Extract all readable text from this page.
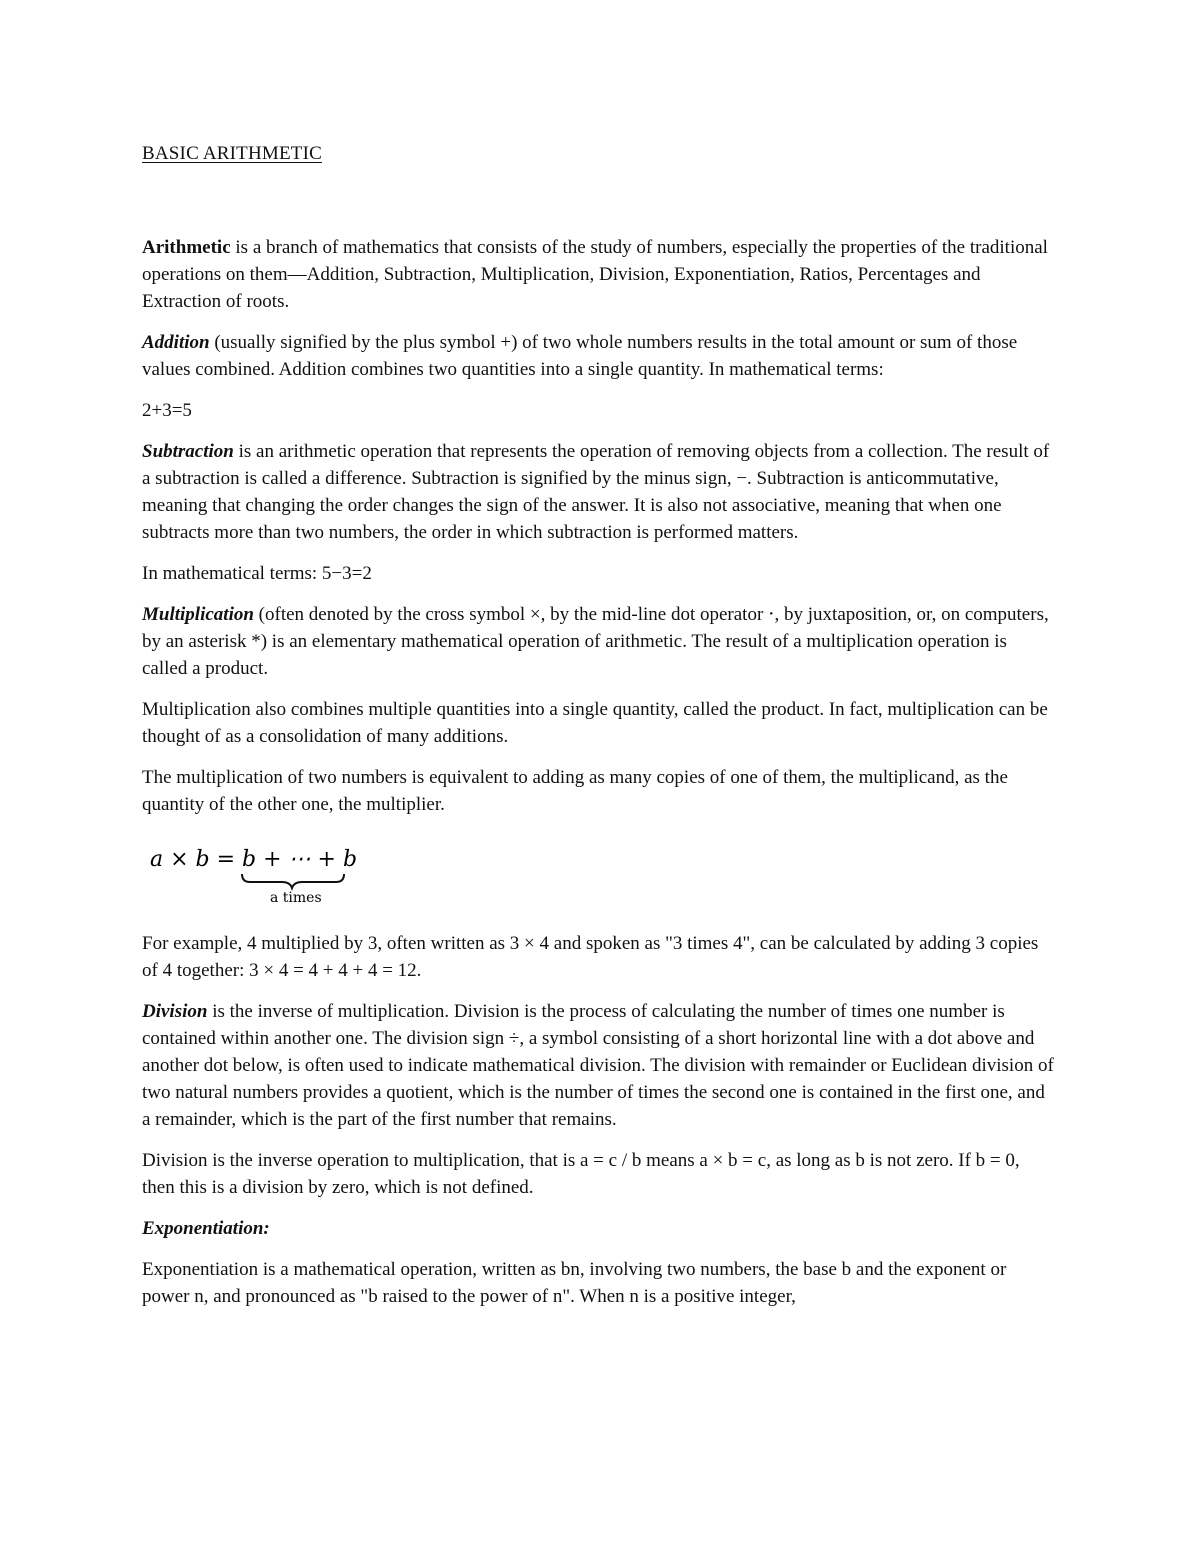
BASIC ARITHMETIC

Arithmetic is a branch of mathematics that consists of the study of numbers, especially the properties of the traditional operations on them—Addition, Subtraction, Multiplication, Division, Exponentiation, Ratios, Percentages and Extraction of roots.

Addition (usually signified by the plus symbol +) of two whole numbers results in the total amount or sum of those values combined. Addition combines two quantities into a single quantity. In mathematical terms:

2+3=5

Subtraction is an arithmetic operation that represents the operation of removing objects from a collection. The result of a subtraction is called a difference. Subtraction is signified by the minus sign, −. Subtraction is anticommutative, meaning that changing the order changes the sign of the answer. It is also not associative, meaning that when one subtracts more than two numbers, the order in which subtraction is performed matters.

In mathematical terms: 5−3=2

Multiplication (often denoted by the cross symbol ×, by the mid-line dot operator ⋅, by juxtaposition, or, on computers, by an asterisk *) is an elementary mathematical operation of arithmetic. The result of a multiplication operation is called a product.

Multiplication also combines multiple quantities into a single quantity, called the product. In fact, multiplication can be thought of as a consolidation of many additions.

The multiplication of two numbers is equivalent to adding as many copies of one of them, the multiplicand, as the quantity of the other one, the multiplier.

a × b = b + ⋯ + b
a times

For example, 4 multiplied by 3, often written as 3 × 4 and spoken as "3 times 4", can be calculated by adding 3 copies of 4 together: 3 × 4 = 4 + 4 + 4 = 12.

Division is the inverse of multiplication. Division is the process of calculating the number of times one number is contained within another one. The division sign ÷, a symbol consisting of a short horizontal line with a dot above and another dot below, is often used to indicate mathematical division. The division with remainder or Euclidean division of two natural numbers provides a quotient, which is the number of times the second one is contained in the first one, and a remainder, which is the part of the first number that remains.

Division is the inverse operation to multiplication, that is a = c / b means a × b = c, as long as b is not zero. If b = 0, then this is a division by zero, which is not defined.

Exponentiation:

Exponentiation is a mathematical operation, written as bn, involving two numbers, the base b and the exponent or power n, and pronounced as "b raised to the power of n". When n is a positive integer,
